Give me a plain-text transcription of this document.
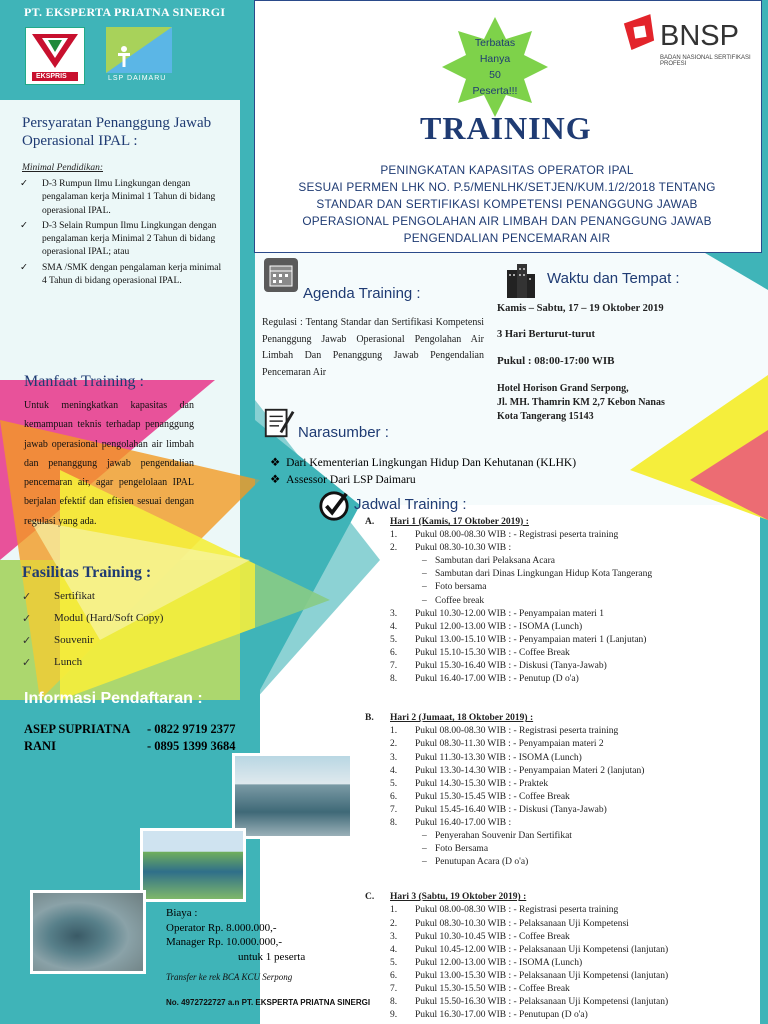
PT. EKSPERTA PRIATNA SINERGI
EKSPRIS	LSP DAIMARU
BNSP
BADAN NASIONAL SERTIFIKASI PROFESI
Terbatas
Hanya
50
Peserta!!!
TRAINING
PENINGKATAN KAPASITAS OPERATOR IPAL
SESUAI PERMEN LHK NO. P.5/MENLHK/SETJEN/KUM.1/2/2018 TENTANG
STANDAR DAN SERTIFIKASI KOMPETENSI PENANGGUNG JAWAB
OPERASIONAL PENGOLAHAN AIR LIMBAH DAN PENANGGUNG JAWAB
PENGENDALIAN PENCEMARAN AIR
Persyaratan Penanggung Jawab Operasional IPAL :
Minimal Pendidikan:
✓ D-3 Rumpun Ilmu Lingkungan dengan pengalaman kerja Minimal 1 Tahun di bidang operasional IPAL.
✓ D-3 Selain Rumpun Ilmu Lingkungan dengan pengalaman kerja Minimal 2 Tahun di bidang operasional IPAL; atau
✓ SMA /SMK dengan pengalaman kerja minimal 4 Tahun di bidang operasional IPAL.
Manfaat Training :
Untuk meningkatkan kapasitas dan kemampuan teknis terhadap penanggung jawab operasional pengolahan air limbah dan penanggung jawab pengendalian pencemaran air, agar pengelolaan IPAL berjalan efektif dan efisien sesuai dengan regulasi yang ada.
Fasilitas Training :
✓ Sertifikat
✓ Modul (Hard/Soft Copy)
✓ Souvenir
✓ Lunch
Informasi Pendaftaran :
ASEP SUPRIATNA - 0822 9719 2377
RANI	- 0895 1399 3684
Biaya :
Operator Rp. 8.000.000,-
Manager Rp. 10.000.000,-
untuk 1 peserta
Transfer ke rek BCA KCU Serpong
No. 4972722727 a.n PT. EKSPERTA PRIATNA SINERGI
Agenda Training :
Regulasi : Tentang Standar dan Sertifikasi Kompetensi Penanggung Jawab Operasional Pengolahan Air Limbah Dan Penanggung Jawab Pengendalian Pencemaran Air
Waktu dan Tempat :
Kamis – Sabtu, 17 – 19 Oktober 2019
3 Hari Berturut-turut
Pukul : 08:00-17:00 WIB
Hotel Horison Grand Serpong,
Jl. MH. Thamrin KM 2,7 Kebon Nanas
Kota Tangerang 15143
Narasumber :
❖ Dari Kementerian Lingkungan Hidup Dan Kehutanan (KLHK)
❖ Assessor Dari LSP Daimaru
Jadwal Training :
A. Hari 1 (Kamis, 17 Oktober 2019) :
1. Pukul 08.00-08.30 WIB : - Registrasi peserta training
2. Pukul 08.30-10.30 WIB :
– Sambutan dari Pelaksana Acara
– Sambutan dari Dinas Lingkungan Hidup Kota Tangerang
– Foto bersama
– Coffee break
3. Pukul 10.30-12.00 WIB : - Penyampaian materi 1
4. Pukul 12.00-13.00 WIB : - ISOMA (Lunch)
5. Pukul 13.00-15.10 WIB : - Penyampaian materi 1 (Lanjutan)
6. Pukul 15.10-15.30 WIB : - Coffee Break
7. Pukul 15.30-16.40 WIB : - Diskusi (Tanya-Jawab)
8. Pukul 16.40-17.00 WIB : - Penutup (D o'a)
B. Hari 2 (Jumaat, 18 Oktober 2019) :
1. Pukul 08.00-08.30 WIB : - Registrasi peserta training
2. Pukul 08.30-11.30 WIB : - Penyampaian materi 2
3. Pukul 11.30-13.30 WIB : - ISOMA (Lunch)
4. Pukul 13.30-14.30 WIB : - Penyampaian Materi 2 (lanjutan)
5. Pukul 14.30-15.30 WIB : - Praktek
6. Pukul 15.30-15.45 WIB : - Coffee Break
7. Pukul 15.45-16.40 WIB : - Diskusi (Tanya-Jawab)
8. Pukul 16.40-17.00 WIB :
– Penyerahan Souvenir Dan Sertifikat
– Foto Bersama
– Penutupan Acara (D o'a)
C. Hari 3 (Sabtu, 19 Oktober 2019) :
1. Pukul 08.00-08.30 WIB : - Registrasi peserta training
2. Pukul 08.30-10.30 WIB : - Pelaksanaan Uji Kompetensi
3. Pukul 10.30-10.45 WIB : - Coffee Break
4. Pukul 10.45-12.00 WIB : - Pelaksanaan Uji Kompetensi (lanjutan)
5. Pukul 12.00-13.00 WIB : - ISOMA (Lunch)
6. Pukul 13.00-15.30 WIB : - Pelaksanaan Uji Kompetensi (lanjutan)
7. Pukul 15.30-15.50 WIB : - Coffee Break
8. Pukul 15.50-16.30 WIB : - Pelaksanaan Uji Kompetensi (lanjutan)
9. Pukul 16.30-17.00 WIB : - Penutupan (D o'a)
